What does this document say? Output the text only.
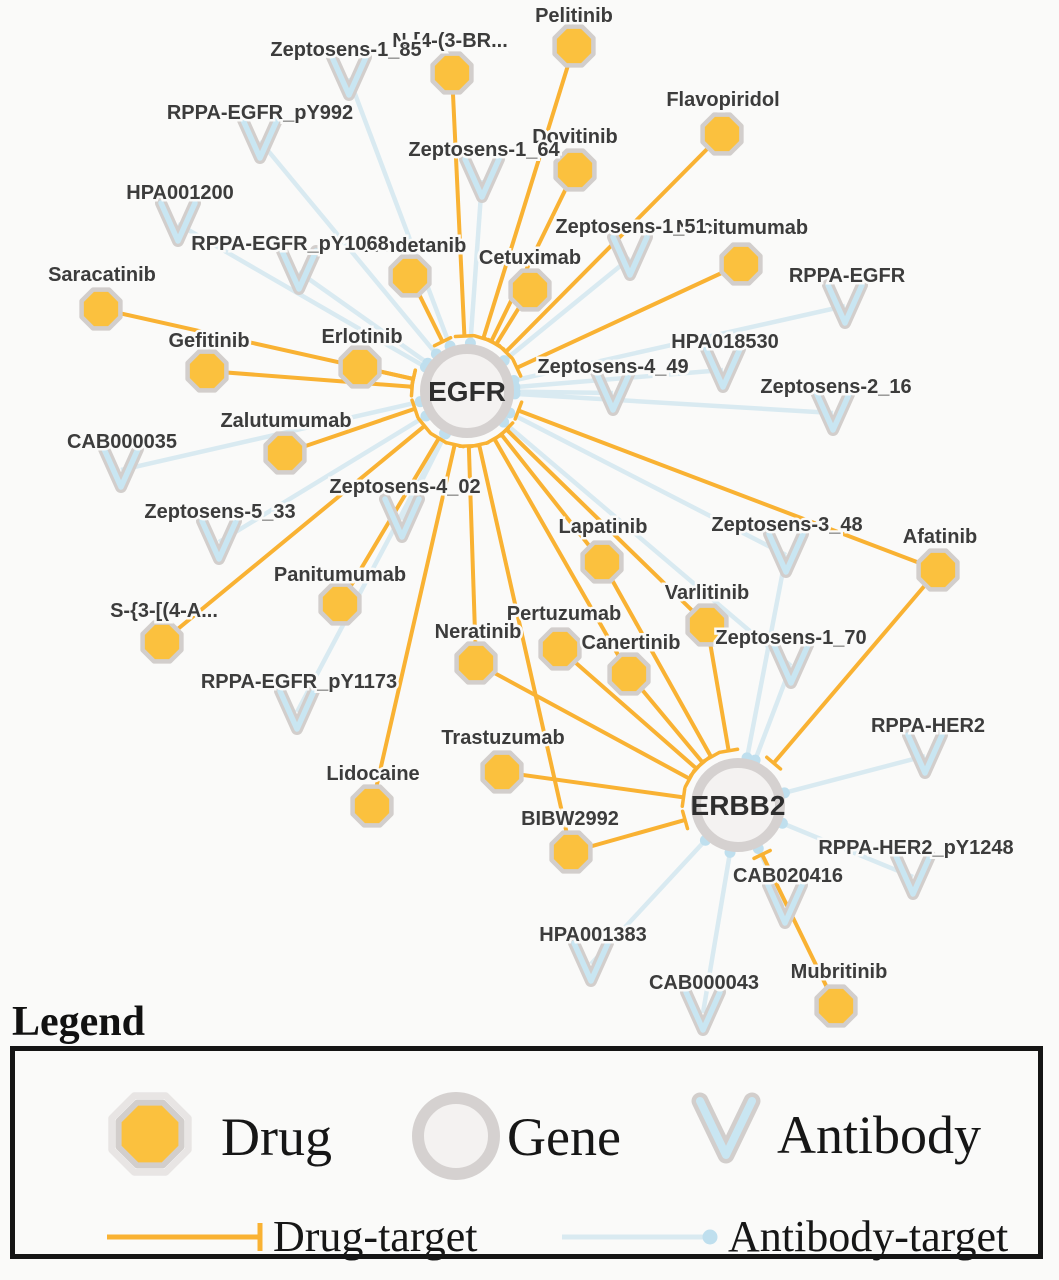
EGFR
ERBB2
Pelitinib
N-[4-(3-BR...
Flavopiridol
Dovitinib
Vandetanib
Cetuximab
Necitumumab
Saracatinib
Gefitinib	Erlotinib
Zalutumumab
Panitumumab
S-{3-[(4-A...
Lapatinib	Afatinib
Varlitinib
Pertuzumab
Neratinib	Canertinib
Trastuzumab
Lidocaine
BIBW2992
Mubritinib
Zeptosens-1_85
RPPA-EGFR_pY992
HPA001200
RPPA-EGFR_pY1068
Zeptosens-1_64
Zeptosens-1_51
RPPA-EGFR
Zeptosens-4_49
HPA018530
Zeptosens-2_16
CAB000035
Zeptosens-5_33
Zeptosens-4_02
RPPA-EGFR_pY1173
Zeptosens-3_48
Zeptosens-1_70
RPPA-HER2
RPPA-HER2_pY1248
CAB020416
HPA001383
CAB000043
Legend
Drug	Gene	Antibody
Drug-target	Antibody-target
